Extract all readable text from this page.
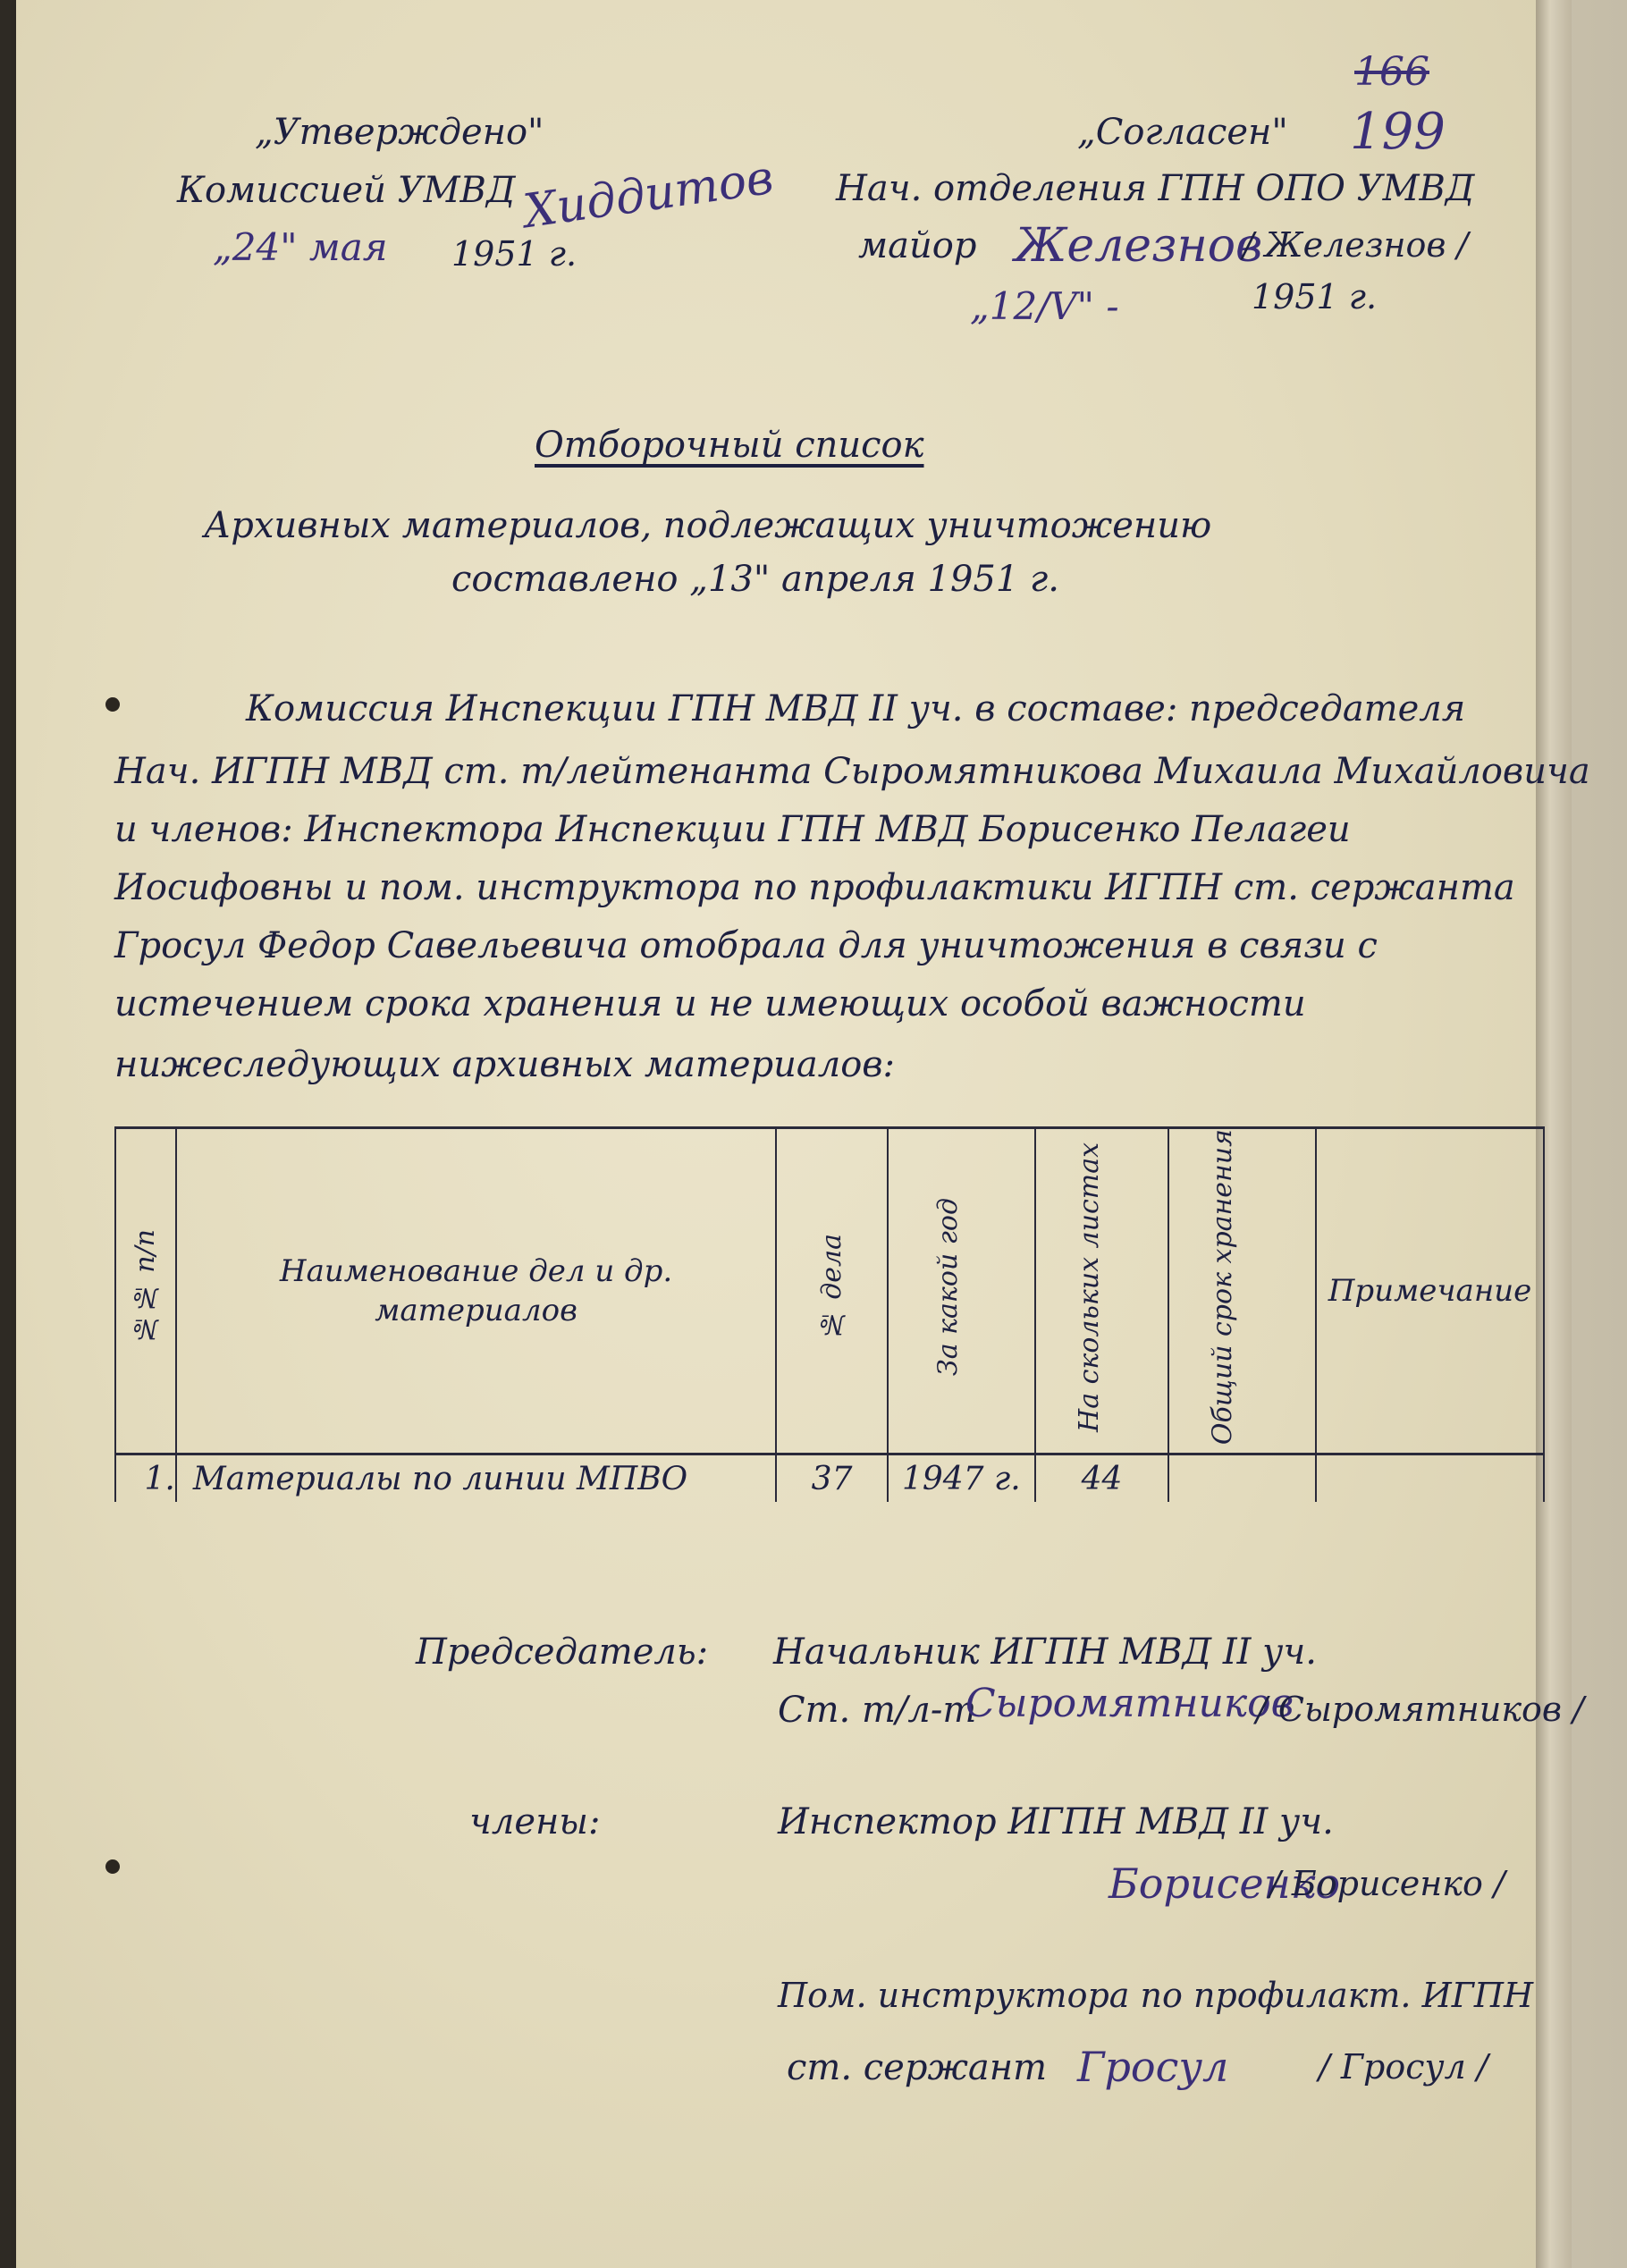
166
199
„Утверждено"
Комиссией УМВД
„24" мая 1951 г.
Хиддитов
„Согласен"
Нач. отделения ГПН ОПО УМВД
майор Железнов
/ Железнов /
„12/V" -	1951 г.
Отборочный список
Архивных материалов, подлежащих уничтожению
составлено „13" апреля 1951 г.
Комиссия Инспекции ГПН МВД II уч. в составе: председателя
Нач. ИГПН МВД ст. т/лейтенанта Сыромятникова Михаила Михайловича
и членов: Инспектора Инспекции ГПН МВД Борисенко Пелагеи
Иосифовны и пом. инструктора по профилактики ИГПН ст. сержанта
Гросул Федор Савельевича отобрала для уничтожения в связи с
истечением срока хранения и не имеющих особой важности
нижеследующих архивных материалов:
№№ п/п	Наименование дел и др. материалов	№ дела	За какой год	На скольких листах	Общий срок хранения	Примечание
1.	Материалы по линии МПВО	37	1947 г.	44		
Председатель: Начальник ИГПН МВД II уч.
Ст. т/л-т
Сыромятников
/ Сыромятников /
члены:	Инспектор ИГПН МВД II уч.
Борисенко
/ Борисенко /
Пом. инструктора по профилакт. ИГПН
ст. сержант Гросул	/ Гросул /
